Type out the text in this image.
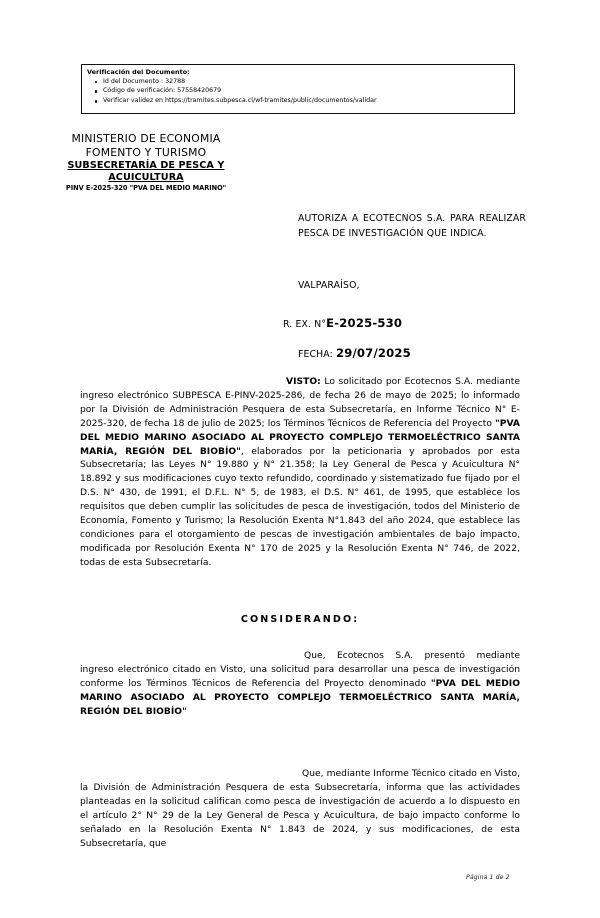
Verificación del Documento:
Id del Documento : 32788
Código de verificación: 57558420679
Verificar validez en https://tramites.subpesca.cl/wf-tramites/public/documentos/validar
MINISTERIO DE ECONOMIA
FOMENTO Y TURISMO
SUBSECRETARÍA DE PESCA Y
ACUICULTURA
PINV E-2025-320 "PVA DEL MEDIO MARINO"
AUTORIZA A ECOTECNOS S.A. PARA REALIZAR PESCA DE INVESTIGACIÓN QUE INDICA.
VALPARAÍSO,
R. EX. N°E-2025-530
FECHA: 29/07/2025

VISTO: Lo solicitado por Ecotecnos S.A. mediante ingreso electrónico SUBPESCA E-PINV-2025-286, de fecha 26 de mayo de 2025; lo informado por la División de Administración Pesquera de esta Subsecretaría, en Informe Técnico N° E-2025-320, de fecha 18 de julio de 2025; los Términos Técnicos de Referencia del Proyecto "PVA DEL MEDIO MARINO ASOCIADO AL PROYECTO COMPLEJO TERMOELÉCTRICO SANTA MARÍA, REGIÓN DEL BIOBÍO", elaborados por la peticionaria y aprobados por esta Subsecretaría; las Leyes N° 19.880 y N° 21.358; la Ley General de Pesca y Acuicultura N° 18.892 y sus modificaciones cuyo texto refundido, coordinado y sistematizado fue fijado por el D.S. N° 430, de 1991, el D.F.L. N° 5, de 1983, el D.S. N° 461, de 1995, que establece los requisitos que deben cumplir las solicitudes de pesca de investigación, todos del Ministerio de Economía, Fomento y Turismo; la Resolución Exenta N°1.843 del año 2024, que establece las condiciones para el otorgamiento de pescas de investigación ambientales de bajo impacto, modificada por Resolución Exenta N° 170 de 2025 y la Resolución Exenta N° 746, de 2022, todas de esta Subsecretaría.

CONSIDERANDO:

Que, Ecotecnos S.A. presentó mediante ingreso electrónico citado en Visto, una solicitud para desarrollar una pesca de investigación conforme los Términos Técnicos de Referencia del Proyecto denominado "PVA DEL MEDIO MARINO ASOCIADO AL PROYECTO COMPLEJO TERMOELÉCTRICO SANTA MARÍA, REGIÓN DEL BIOBÍO"

Que, mediante Informe Técnico citado en Visto, la División de Administración Pesquera de esta Subsecretaría, informa que las actividades planteadas en la solicitud califican como pesca de investigación de acuerdo a lo dispuesto en el artículo 2° N° 29 de la Ley General de Pesca y Acuicultura, de bajo impacto conforme lo señalado en la Resolución Exenta N° 1.843 de 2024, y sus modificaciones, de esta Subsecretaría, que

Página 1 de 2
